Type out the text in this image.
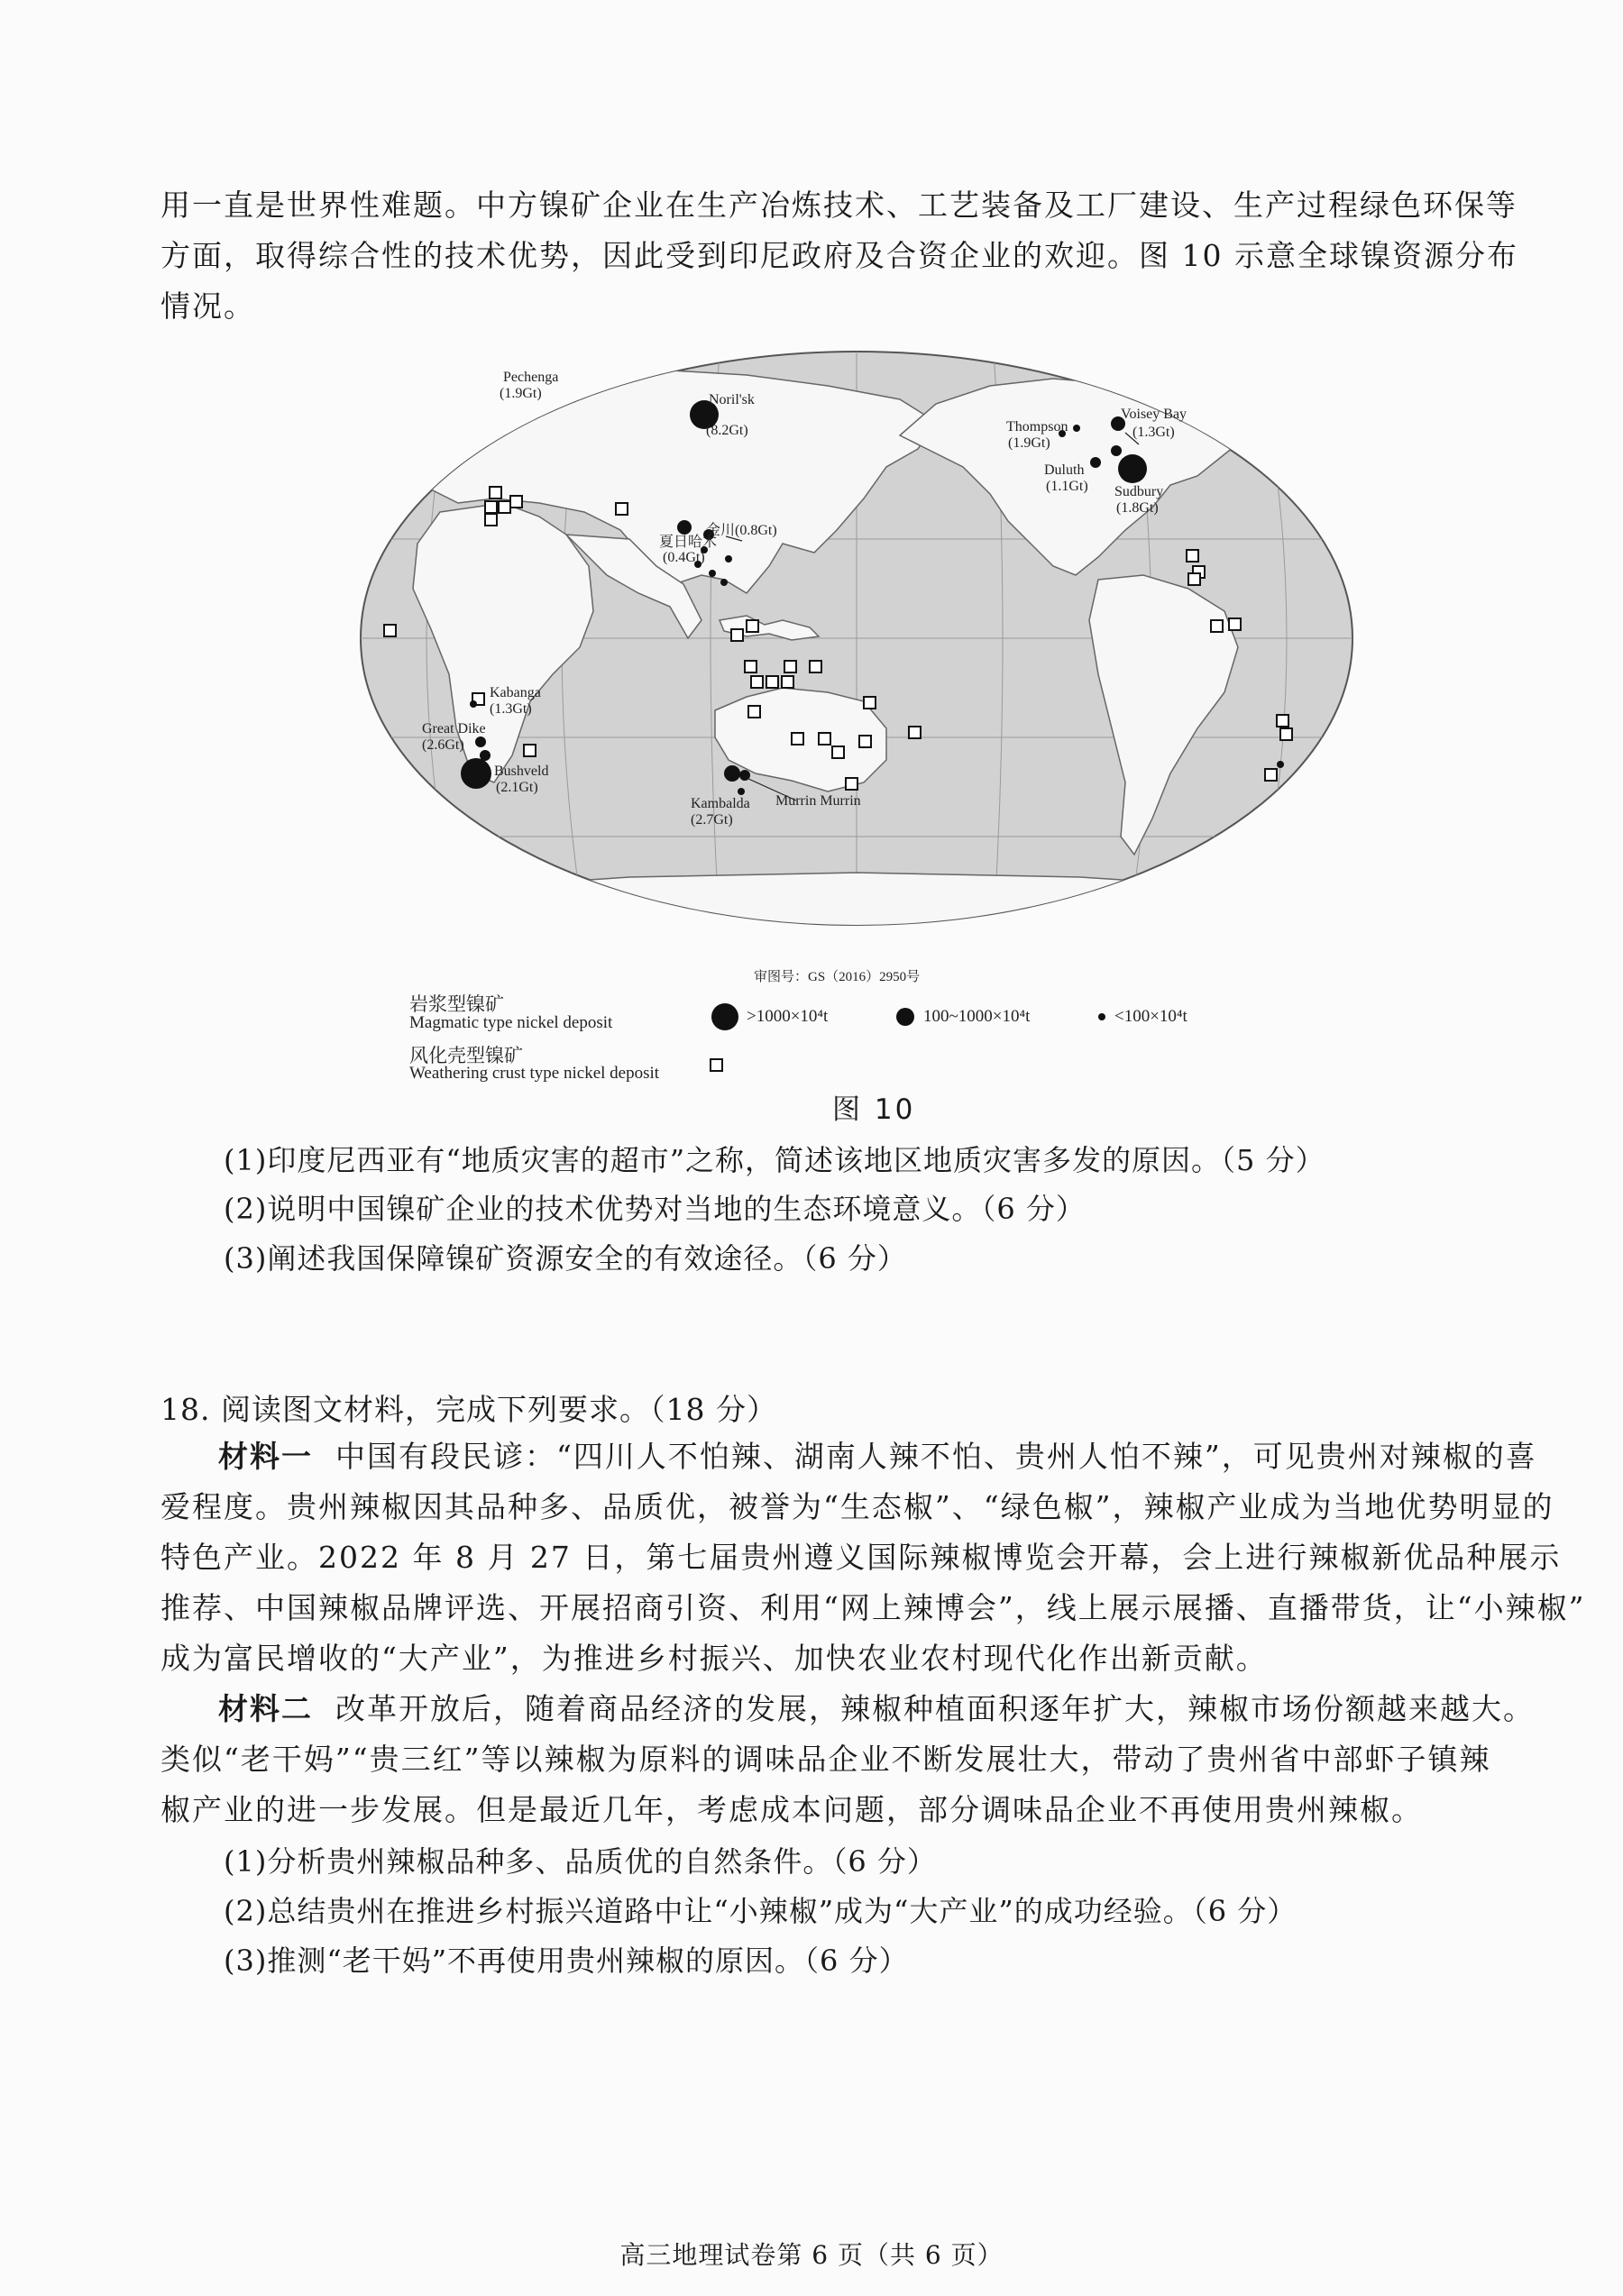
用一直是世界性难题。中方镍矿企业在生产冶炼技术、工艺装备及工厂建设、生产过程绿色环保等
方面，取得综合性的技术优势，因此受到印尼政府及合资企业的欢迎。图 10 示意全球镍资源分布
情况。
Pechenga
(1.9Gt)	Noril'sk
(8.2Gt)
金川(0.8Gt)
夏日哈木
(0.4Gt)
Thompson
(1.9Gt)
Voisey Bay
(1.3Gt)
Duluth
(1.1Gt) Sudbury
(1.8Gt)
Kabanga
(1.3Gt)
Great Dike
(2.6Gt)
Bushveld
(2.1Gt)
Kambalda
(2.7Gt)
Murrin Murrin
审图号：GS（2016）2950号
岩浆型镍矿
Magmatic type nickel deposit	>1000×10⁴t	100~1000×10⁴t	<100×10⁴t
风化壳型镍矿
Weathering crust type nickel deposit
图 10

(1)印度尼西亚有“地质灾害的超市”之称，简述该地区地质灾害多发的原因。（5 分）

(2)说明中国镍矿企业的技术优势对当地的生态环境意义。（6 分）

(3)阐述我国保障镍矿资源安全的有效途径。（6 分）

18. 阅读图文材料，完成下列要求。（18 分）

材料一 中国有段民谚：“四川人不怕辣、湖南人辣不怕、贵州人怕不辣”，可见贵州对辣椒的喜
爱程度。贵州辣椒因其品种多、品质优，被誉为“生态椒”、“绿色椒”，辣椒产业成为当地优势明显的
特色产业。2022 年 8 月 27 日，第七届贵州遵义国际辣椒博览会开幕，会上进行辣椒新优品种展示
推荐、中国辣椒品牌评选、开展招商引资、利用“网上辣博会”，线上展示展播、直播带货，让“小辣椒”
成为富民增收的“大产业”，为推进乡村振兴、加快农业农村现代化作出新贡献。
材料二 改革开放后，随着商品经济的发展，辣椒种植面积逐年扩大，辣椒市场份额越来越大。
类似“老干妈”“贵三红”等以辣椒为原料的调味品企业不断发展壮大，带动了贵州省中部虾子镇辣
椒产业的进一步发展。但是最近几年，考虑成本问题，部分调味品企业不再使用贵州辣椒。

(1)分析贵州辣椒品种多、品质优的自然条件。（6 分）

(2)总结贵州在推进乡村振兴道路中让“小辣椒”成为“大产业”的成功经验。（6 分）

(3)推测“老干妈”不再使用贵州辣椒的原因。（6 分）

高三地理试卷第 6 页（共 6 页）
